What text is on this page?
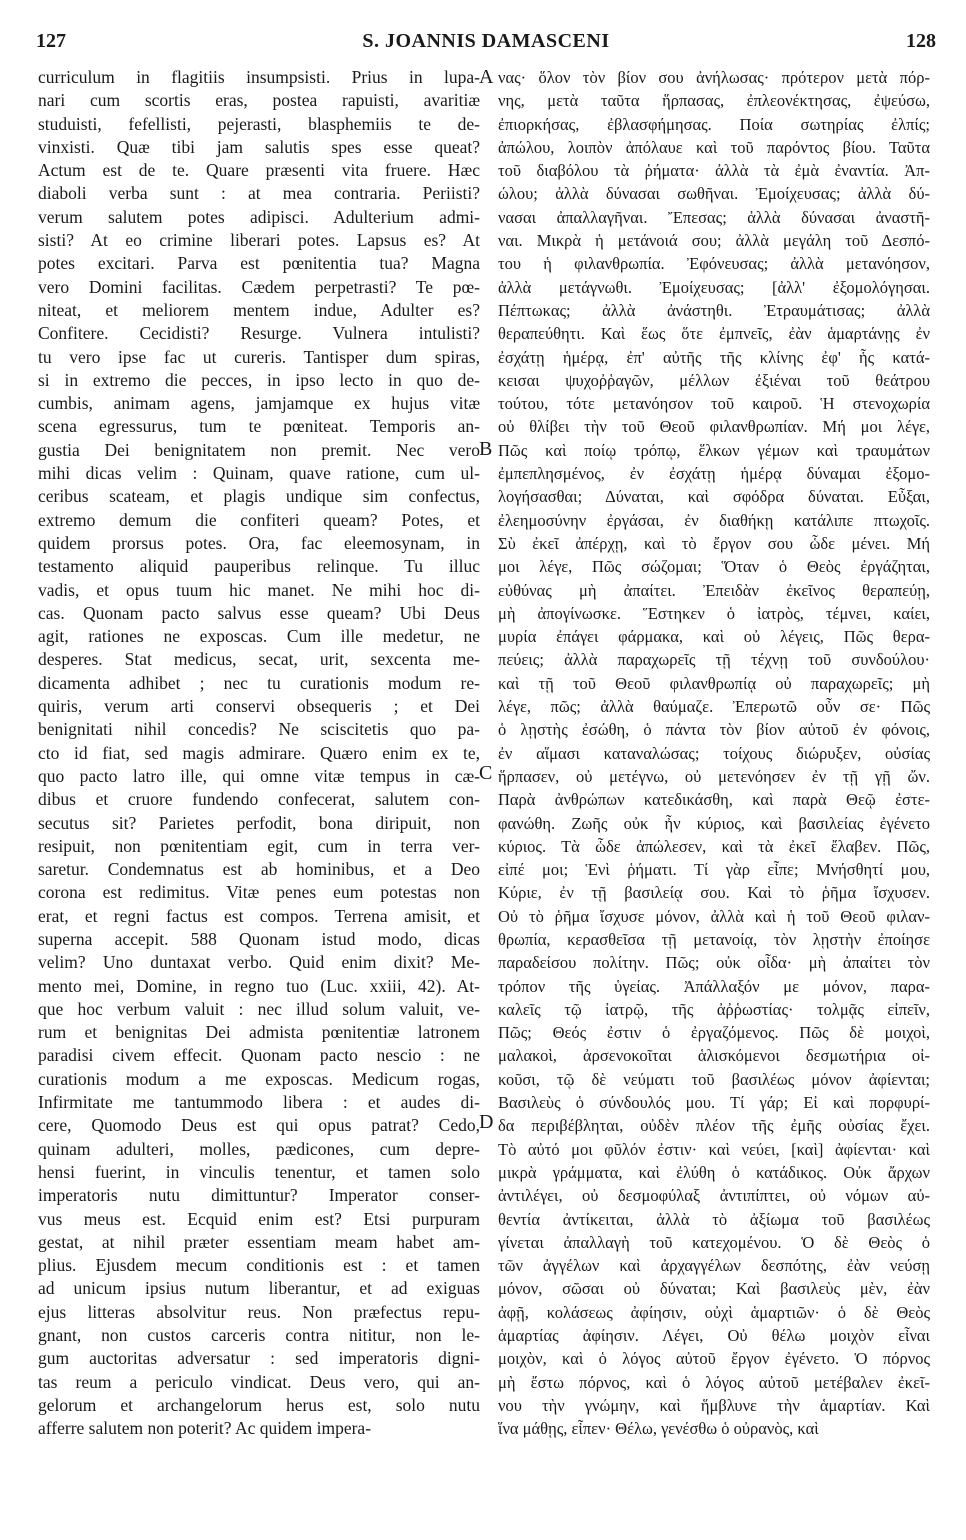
127	S. JOANNIS DAMASCENI	128
curriculum in flagitiis insumpsisti. Prius in lupa-
nari cum scortis eras, postea rapuisti, avaritiæ
studuisti, fefellisti, pejerasti, blasphemiis te de-
vinxisti. Quæ tibi jam salutis spes esse queat?
Actum est de te. Quare præsenti vita fruere. Hæc
diaboli verba sunt : at mea contraria. Periisti?
verum salutem potes adipisci. Adulterium admi-
sisti? At eo crimine liberari potes. Lapsus es? At
potes excitari. Parva est pœnitentia tua? Magna
vero Domini facilitas. Cædem perpetrasti? Te pœ-
niteat, et meliorem mentem indue, Adulter es?
Confitere. Cecidisti? Resurge. Vulnera intulisti?
tu vero ipse fac ut cureris. Tantisper dum spiras,
si in extremo die pecces, in ipso lecto in quo de-
cumbis, animam agens, jamjamque ex hujus vitæ
scena egressurus, tum te pœniteat. Temporis an-
gustia Dei benignitatem non premit. Nec vero
mihi dicas velim : Quinam, quave ratione, cum ul-
ceribus scateam, et plagis undique sim confectus,
extremo demum die confiteri queam? Potes, et
quidem prorsus potes. Ora, fac eleemosynam, in
testamento aliquid pauperibus relinque. Tu illuc
vadis, et opus tuum hic manet. Ne mihi hoc di-
cas. Quonam pacto salvus esse queam? Ubi Deus
agit, rationes ne exposcas. Cum ille medetur, ne
desperes. Stat medicus, secat, urit, sexcenta me-
dicamenta adhibet ; nec tu curationis modum re-
quiris, verum arti conservi obsequeris ; et Dei
benignitati nihil concedis? Ne sciscitetis quo pa-
cto id fiat, sed magis admirare. Quæro enim ex te,
quo pacto latro ille, qui omne vitæ tempus in cæ-
dibus et cruore fundendo confecerat, salutem con-
secutus sit? Parietes perfodit, bona diripuit, non
resipuit, non pœnitentiam egit, cum in terra ver-
saretur. Condemnatus est ab hominibus, et a Deo
corona est redimitus. Vitæ penes eum potestas non
erat, et regni factus est compos. Terrena amisit, et
superna accepit. 588 Quonam istud modo, dicas
velim? Uno duntaxat verbo. Quid enim dixit? Me-
mento mei, Domine, in regno tuo (Luc. xxiii, 42). At-
que hoc verbum valuit : nec illud solum valuit, ve-
rum et benignitas Dei admista pœnitentiæ latronem
paradisi civem effecit. Quonam pacto nescio : ne
curationis modum a me exposcas. Medicum rogas,
Infirmitate me tantummodo libera : et audes di-
cere, Quomodo Deus est qui opus patrat? Cedo,
quinam adulteri, molles, pædicones, cum depre-
hensi fuerint, in vinculis tenentur, et tamen solo
imperatoris nutu dimittuntur? Imperator conser-
vus meus est. Ecquid enim est? Etsi purpuram
gestat, at nihil præter essentiam meam habet am-
plius. Ejusdem mecum conditionis est : et tamen
ad unicum ipsius nutum liberantur, et ad exiguas
ejus litteras absolvitur reus. Non præfectus repu-
gnant, non custos carceris contra nititur, non le-
gum auctoritas adversatur : sed imperatoris digni-
tas reum a periculo vindicat. Deus vero, qui an-
gelorum et archangelorum herus est, solo nutu
afferre salutem non poterit? Ac quidem impera-
νας· ὅλον τὸν βίον σου ἀνήλωσας· πρότερον μετὰ πόρ-
νης, μετὰ ταῦτα ἥρπασας, ἐπλεονέκτησας, ἐψεύσω,
ἐπιορκήσας, ἐβλασφήμησας. Ποία σωτηρίας ἐλπίς;
ἀπώλου, λοιπὸν ἀπόλαυε καὶ τοῦ παρόντος βίου. Ταῦτα
τοῦ διαβόλου τὰ ῥήματα· ἀλλὰ τὰ ἐμὰ ἐναντία. Ἀπ-
ώλου; ἀλλὰ δύνασαι σωθῆναι. Ἐμοίχευσας; ἀλλὰ δύ-
νασαι ἀπαλλαγῆναι. Ἔπεσας; ἀλλὰ δύνασαι ἀναστῆ-
ναι. Μικρὰ ἡ μετάνοιά σου; ἀλλὰ μεγάλη τοῦ Δεσπό-
του ἡ φιλανθρωπία. Ἐφόνευσας; ἀλλὰ μετανόησον,
ἀλλὰ μετάγνωθι. Ἐμοίχευσας; [ἀλλ' ἐξομολόγησαι.
Πέπτωκας; ἀλλὰ ἀνάστηθι. Ἐτραυμάτισας; ἀλλὰ
θεραπεύθητι. Καὶ ἕως ὅτε ἐμπνεῖς, ἐὰν ἁμαρτάνῃς ἐν
ἐσχάτῃ ἡμέρᾳ, ἐπ' αὐτῆς τῆς κλίνης ἐφ' ἧς κατά-
κεισαι ψυχοῤῥαγῶν, μέλλων ἐξιέναι τοῦ θεάτρου
τούτου, τότε μετανόησον τοῦ καιροῦ. Ἡ στενοχωρία
οὐ θλίβει τὴν τοῦ Θεοῦ φιλανθρωπίαν. Μή μοι λέγε,
Πῶς καὶ ποίῳ τρόπῳ, ἕλκων γέμων καὶ τραυμάτων
ἐμπεπλησμένος, ἐν ἐσχάτῃ ἡμέρᾳ δύναμαι ἐξομο-
λογήσασθαι; Δύναται, καὶ σφόδρα δύναται. Εὖξαι,
ἐλεημοσύνην ἐργάσαι, ἐν διαθήκῃ κατάλιπε πτωχοῖς.
Σὺ ἐκεῖ ἀπέρχῃ, καὶ τὸ ἔργον σου ὧδε μένει. Μή
μοι λέγε, Πῶς σώζομαι; Ὅταν ὁ Θεὸς ἐργάζηται,
εὐθύνας μὴ ἀπαίτει. Ἐπειδὰν ἐκεῖνος θεραπεύῃ,
μὴ ἀπογίνωσκε. Ἕστηκεν ὁ ἰατρὸς, τέμνει, καίει,
μυρία ἐπάγει φάρμακα, καὶ οὐ λέγεις, Πῶς θερα-
πεύεις; ἀλλὰ παραχωρεῖς τῇ τέχνῃ τοῦ συνδούλου·
καὶ τῇ τοῦ Θεοῦ φιλανθρωπίᾳ οὐ παραχωρεῖς; μὴ
λέγε, πῶς; ἀλλὰ θαύμαζε. Ἐπερωτῶ οὖν σε· Πῶς
ὁ λῃστὴς ἐσώθη, ὁ πάντα τὸν βίον αὐτοῦ ἐν φόνοις,
ἐν αἵμασι καταναλώσας; τοίχους διώρυξεν, οὐσίας
ἥρπασεν, οὐ μετέγνω, οὐ μετενόησεν ἐν τῇ γῇ ὤν.
Παρὰ ἀνθρώπων κατεδικάσθη, καὶ παρὰ Θεῷ ἐστε-
φανώθη. Ζωῆς οὐκ ἦν κύριος, καὶ βασιλείας ἐγένετο
κύριος. Τὰ ὧδε ἀπώλεσεν, καὶ τὰ ἐκεῖ ἔλαβεν. Πῶς,
εἰπέ μοι; Ἑνὶ ῥήματι. Τί γὰρ εἶπε; Μνήσθητί μου,
Κύριε, ἐν τῇ βασιλείᾳ σου. Καὶ τὸ ῥῆμα ἴσχυσεν.
Οὐ τὸ ῥῆμα ἴσχυσε μόνον, ἀλλὰ καὶ ἡ τοῦ Θεοῦ φιλαν-
θρωπία, κερασθεῖσα τῇ μετανοίᾳ, τὸν λῃστὴν ἐποίησε
παραδείσου πολίτην. Πῶς; οὐκ οἶδα· μὴ ἀπαίτει τὸν
τρόπον τῆς ὑγείας. Ἀπάλλαξόν με μόνον, παρα-
καλεῖς τῷ ἰατρῷ, τῆς ἀῤῥωστίας· τολμᾷς εἰπεῖν,
Πῶς; Θεός ἐστιν ὁ ἐργαζόμενος. Πῶς δὲ μοιχοὶ,
μαλακοὶ, ἀρσενοκοῖται ἁλισκόμενοι δεσμωτήρια οἰ-
κοῦσι, τῷ δὲ νεύματι τοῦ βασιλέως μόνον ἀφίενται;
Βασιλεὺς ὁ σύνδουλός μου. Τί γάρ; Εἰ καὶ πορφυρί-
δα περιβέβληται, οὐδὲν πλέον τῆς ἐμῆς οὐσίας ἔχει.
Τὸ αὐτό μοι φῦλόν ἐστιν· καὶ νεύει, [καὶ] ἀφίενται· καὶ
μικρὰ γράμματα, καὶ ἐλύθη ὁ κατάδικος. Οὐκ ἄρχων
ἀντιλέγει, οὐ δεσμοφύλαξ ἀντιπίπτει, οὐ νόμων αὐ-
θεντία ἀντίκειται, ἀλλὰ τὸ ἀξίωμα τοῦ βασιλέως
γίνεται ἀπαλλαγὴ τοῦ κατεχομένου. Ὁ δὲ Θεὸς ὁ
τῶν ἀγγέλων καὶ ἀρχαγγέλων δεσπότης, ἐὰν νεύσῃ
μόνον, σῶσαι οὐ δύναται; Καὶ βασιλεὺς μὲν, ἐὰν
ἀφῇ, κολάσεως ἀφίησιν, οὐχὶ ἁμαρτιῶν· ὁ δὲ Θεὸς
ἁμαρτίας ἀφίησιν. Λέγει, Οὐ θέλω μοιχὸν εἶναι
μοιχὸν, καὶ ὁ λόγος αὐτοῦ ἔργον ἐγένετο. Ὁ πόρνος
μὴ ἔστω πόρνος, καὶ ὁ λόγος αὐτοῦ μετέβαλεν ἐκεῖ-
νου τὴν γνώμην, καὶ ἥμβλυνε τὴν ἁμαρτίαν. Καὶ
ἵνα μάθῃς, εἶπεν· Θέλω, γενέσθω ὁ οὐρανὸς, καὶ
A
B
C
D
